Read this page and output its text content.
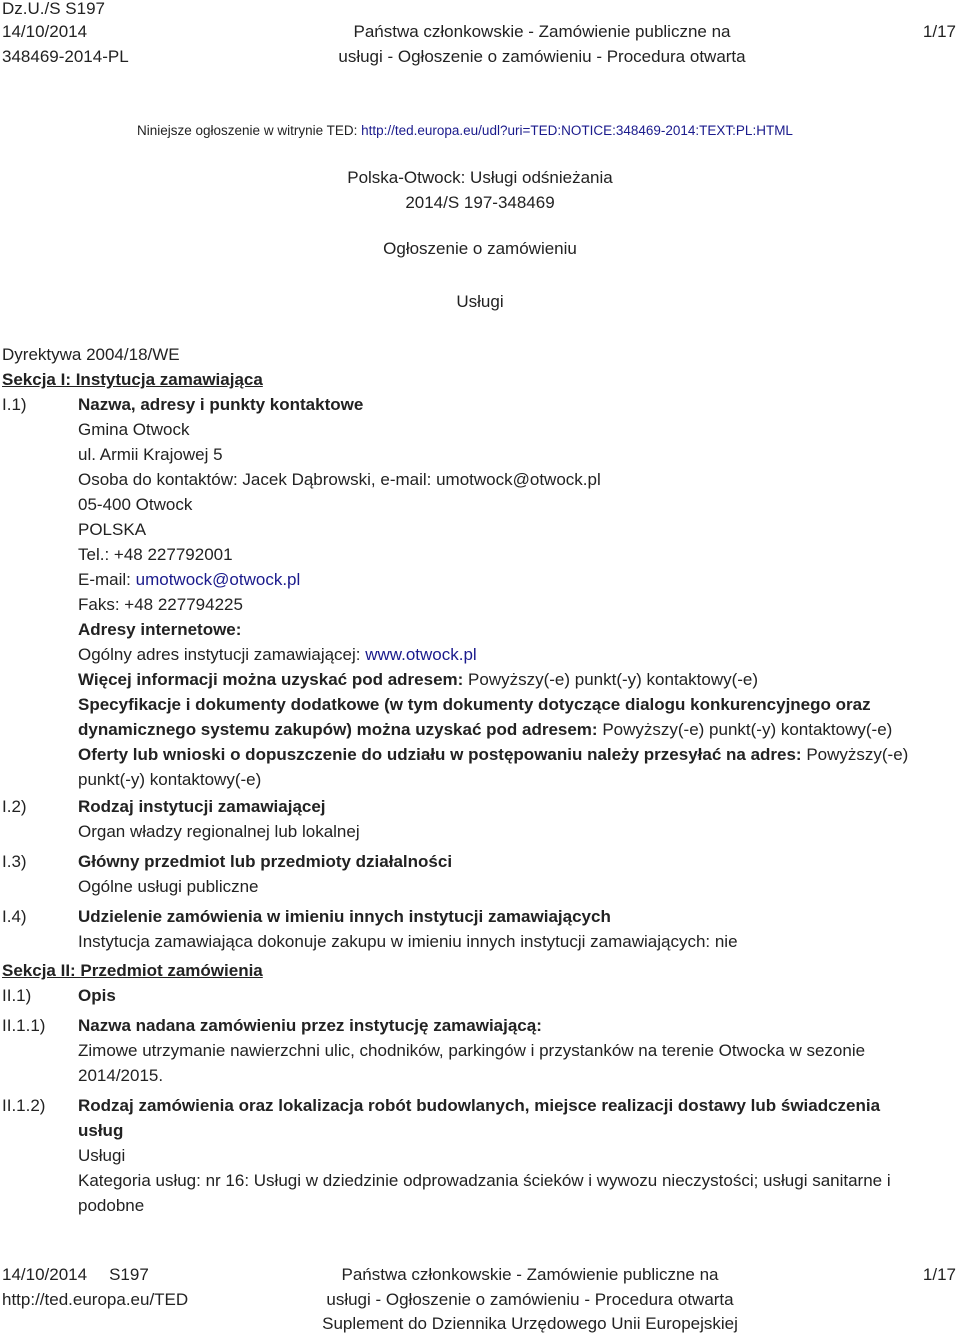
Dz.U./S S197
14/10/2014
348469-2014-PL
Państwa członkowskie - Zamówienie publiczne na
usługi - Ogłoszenie o zamówieniu - Procedura otwarta
1/17
Niniejsze ogłoszenie w witrynie TED: http://ted.europa.eu/udl?uri=TED:NOTICE:348469-2014:TEXT:PL:HTML
Polska-Otwock: Usługi odśnieżania
2014/S 197-348469
Ogłoszenie o zamówieniu
Usługi
Dyrektywa 2004/18/WE
Sekcja I: Instytucja zamawiająca
I.1)	Nazwa, adresy i punkty kontaktowe
Gmina Otwock
ul. Armii Krajowej 5
Osoba do kontaktów: Jacek Dąbrowski, e-mail: umotwock@otwock.pl
05-400 Otwock
POLSKA
Tel.: +48 227792001
E-mail: umotwock@otwock.pl
Faks: +48 227794225
Adresy internetowe:
Ogólny adres instytucji zamawiającej: www.otwock.pl
Więcej informacji można uzyskać pod adresem: Powyższy(-e) punkt(-y) kontaktowy(-e)
Specyfikacje i dokumenty dodatkowe (w tym dokumenty dotyczące dialogu konkurencyjnego oraz
dynamicznego systemu zakupów) można uzyskać pod adresem: Powyższy(-e) punkt(-y) kontaktowy(-e)
Oferty lub wnioski o dopuszczenie do udziału w postępowaniu należy przesyłać na adres: Powyższy(-e)
punkt(-y) kontaktowy(-e)
I.2)	Rodzaj instytucji zamawiającej
Organ władzy regionalnej lub lokalnej
I.3)	Główny przedmiot lub przedmioty działalności
Ogólne usługi publiczne
I.4)	Udzielenie zamówienia w imieniu innych instytucji zamawiających
Instytucja zamawiająca dokonuje zakupu w imieniu innych instytucji zamawiających: nie
Sekcja II: Przedmiot zamówienia
II.1)	Opis
II.1.1) Nazwa nadana zamówieniu przez instytucję zamawiającą:
Zimowe utrzymanie nawierzchni ulic, chodników, parkingów i przystanków na terenie Otwocka w sezonie
2014/2015.
II.1.2) Rodzaj zamówienia oraz lokalizacja robót budowlanych, miejsce realizacji dostawy lub świadczenia
usług
Usługi
Kategoria usług: nr 16: Usługi w dziedzinie odprowadzania ścieków i wywozu nieczystości; usługi sanitarne i
podobne
14/10/2014 S197
http://ted.europa.eu/TED
Państwa członkowskie - Zamówienie publiczne na
usługi - Ogłoszenie o zamówieniu - Procedura otwarta
Suplement do Dziennika Urzędowego Unii Europejskiej
1/17
